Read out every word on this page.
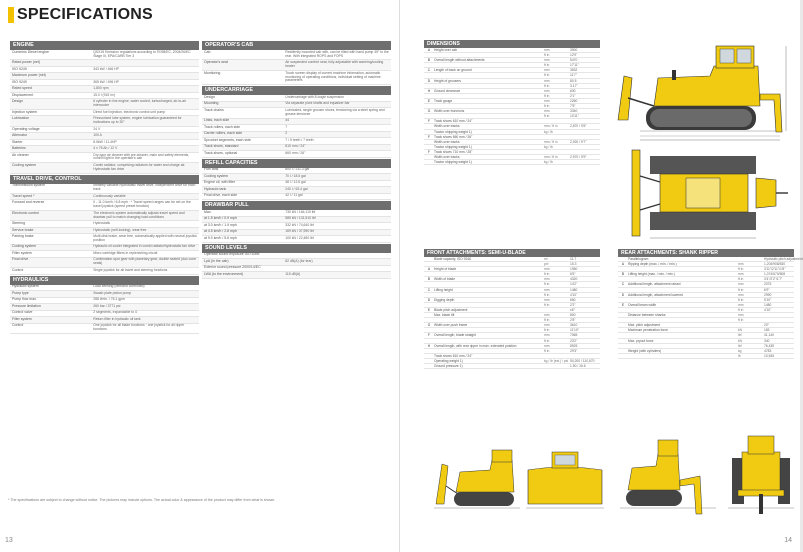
SPECIFICATIONS
ENGINE
Cummins Diesel engine	QSX15 Emission regulations according to 97/68/EC, 2004/26/EC Stage III, EPA/CARB Tier 3
Rated power (net)
ISO 9249	343 kW / 466 HP
Maximum power (net)
ISO 9249	365 kW / 496 HP
Rated speed	1,800 rpm
Displacement	15.0 l (915 in³)
Design	6 cylinder in line engine, water cooled, turbocharged, air-to-air intercooler
Injection system	Direct fuel injection, electronic control unit pump
Lubrication	Pressurized lube system, engine lubrication guaranteed for inclinations up to 30°
Operating voltage	24 V
Alternator	100 A
Starter	8.5kW / 11.4HP
Batteries	4 x 75 Ah / 12 V
Air cleaner	Dry-type air cleaner with pre-cleaner, main and safety elements, control light in the operator's cab
Cooling system	Combi radiator, comprising radiators for water and charge air. Hydrostatic fan drive
TRAVEL DRIVE, CONTROL
Transmission system	Infinitely variable hydrostatic travel drive, independent drive for each track
Travel speed *	Continuously variable
Forward and reverse	0 - 11.0 km/h / 6.8 mph · * Travel speed ranges can be set on the travel joystick (speed preset function)
Electronic control	The electronic system automatically adjusts travel speed and drawbar pull to match changing load conditions
Steering	Hydrostatic
Service brake	Hydrostatic (self-locking), wear free
Parking brake	Multi-disk brake, wear free, automatically applied with neutral joystick position
Cooling system	Hydraulic oil cooler integrated in combi radiator/hydrostatic fan drive
Filter system	Micro cartridge filters in replenishing circuit
Final drive	Combination spur gear with planetary gear, double sealed (duo cone seals)
Control	Single joystick for all travel and steering functions
HYDRAULICS
Hydraulic system	Load sensing (demand controlled)
Pump type	Swash plate piston pump
Pump flow max.	288 l/min. / 76.1 gpm
Pressure limitation	260 bar / 3771 psi
Control valve	2 segments, expandable to 4
Filter system	Return filter in hydraulic oil tank
Control	One joystick for all blade functions · one joystick for all ripper functions
OPERATOR'S CAB
Cab	Resiliently mounted cab with, can be tilted with hand pump 45° to the rear. With integrated ROPS and FOPS
Operator's seat	Air suspended comfort seat, fully adjustable with warming/cooling heater
Monitoring	Touch screen display of current machine information, automatic monitoring of operating conditions, individual setting of machine parameters
UNDERCARRIAGE
Design	Undercarriage with 8-bogie suspension
Mounting	Via separate pivot shafts and equalizer bar
Track chains	Lubricated, single grouser shoes, tensioning via a steel spring and grease tensioner
Links, each side	44
Track rollers, each side	7
Carrier rollers, each side	2
Sprocket segments, each side	7 / 5 teeth / 7 teeth
Track shoes, standard	610 mm / 24"
Track shoes, optional	660 mm / 26"
REFILL CAPACITIES
Fuel tank	800 l / 211.3 gal
Cooling system	70 l / 18.5 gal
Engine oil, with filter	48 l / 12.6 gal
Hydraulic tank	240 l / 63.4 gal
Final drive, each side	42 l / 11 gal
DRAWBAR PULL
Max.	730 kN / 164,110 lbf
at 1.5 km/h / 0.9 mph	585 kN / 131,510 lbf
at 3.0 km/h / 1.9 mph	332 kN / 74,640 lbf
at 4.5 km/h / 2.8 mph	169 kN / 37,990 lbf
at 9.0 km/h / 5.6 mph	100 kN / 22,480 lbf
SOUND LEVELS
Operator sound exposure ISO 6396
LpA (in the cab)	82 dB(A) (for tear)
Exterior sound pressure 2000/14/EC
LWA (to the environment)	115 dB(A)
* The specifications are subject to change without notice. The pictures may include options. The actual color & appearance of the product may differ from what is shown.
13
DIMENSIONS
A	Height over cab	mm	3900
ft in	12'9"
B	Overall length without attachments	mm	5470
ft in	17'11"
C	Length of track on ground	mm	3532
ft in	11'7"
D	Height of grousers	mm	80.5
ft in	3.17"
H	Ground clearance	mm	630
ft in	2'1"
E	Track gauge	mm	2260
ft in	7'5"
G	Width over trunnions	mm	3340
ft in	10'11"
F	Track shoes 610 mm / 24"
Width over tracks	mm / ft in	2,870 / 9'5"
Tractor shipping weight 1)	kg / lb
F	Track shoes 660 mm / 26"
Width over tracks	mm / ft in	2,920 / 9'7"
Tractor shipping weight 1)	kg / lb
F	Track shoes 710 mm / 28"
Width over tracks	mm / ft in	2,970 / 9'9"
Tractor shipping weight 1)	kg / lb
FRONT ATTACHMENTS: SEMI-U-BLADE
Blade capacity, ISO 9246	m³	11.7
yd³	15.3
A	Height of blade	mm	1950
ft in	6'5"
B	Width of blade	mm	4320
ft in	14'2"
C	Lifting height	mm	1480
ft in	4'10"
D	Digging depth	mm	650
ft in	2'2"
E	Blade pitch adjustment	±6°
Max. blade tilt	mm	800
ft in	2'8"
G	Width over push frame	mm	3610
ft in	11'10"
F	Overall length, blade straight	mm	7065
ft in	23'2"
H	Overall length, with rear ripper in max. extended position	mm	8925
ft in	29'3"
Track shoes 610 mm / 24"
Operating weight 1)	kg / lb (est.) / psi 50,200 / 110,670
Ground pressure 1)	1.50 / 16.6
REAR ATTACHMENTS: SHANK RIPPER
Parallelogram	Hydraulic pitch adjustment
A	Ripping depth (max. / min. / min.)	mm	1,204/908/530
ft in	3'11"/2'11"/1'8"
B	Lifting height (max. / min. / min.)	mm	1,074/670/508
ft in	3'4"/2'2"/1'7"
C	Additional length, attachment raised	mm	2075
ft in	6'9"
D	Additional length, attachment lowered	mm	2990
ft in	9'10"
E	Overall beam width	mm	1480
ft in	4'10"
Distance between shanks	mm
ft in
Max. pitch adjustment	20°
Maximum penetration force	kN	183
lbf	41,140
Max. pryout force	kN	340
lbf	76,435
Weight (with cylinders)	kg	4783
lb	10,545
14
